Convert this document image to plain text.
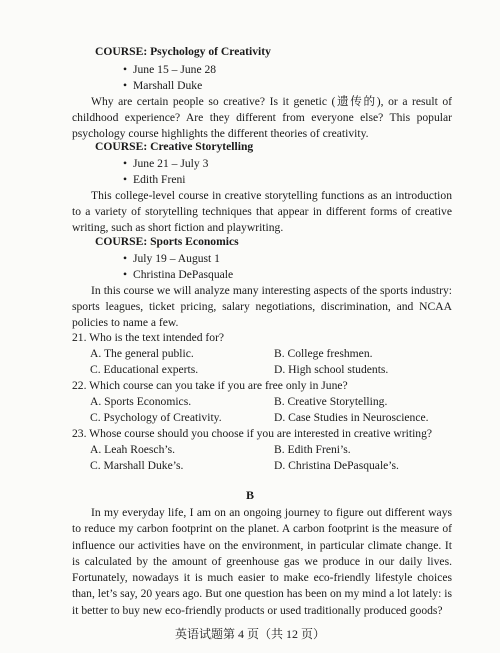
COURSE: Psychology of Creativity
• June 15 – June 28
• Marshall Duke
Why are certain people so creative? Is it genetic (遗传的), or a result of childhood experience? Are they different from everyone else? This popular psychology course highlights the different theories of creativity.
COURSE: Creative Storytelling
• June 21 – July 3
• Edith Freni
This college-level course in creative storytelling functions as an introduction to a variety of storytelling techniques that appear in different forms of creative writing, such as short fiction and playwriting.
COURSE: Sports Economics
• July 19 – August 1
• Christina DePasquale
In this course we will analyze many interesting aspects of the sports industry: sports leagues, ticket pricing, salary negotiations, discrimination, and NCAA policies to name a few.
21. Who is the text intended for?
A. The general public.	B. College freshmen.
C. Educational experts.	D. High school students.
22. Which course can you take if you are free only in June?
A. Sports Economics.	B. Creative Storytelling.
C. Psychology of Creativity.	D. Case Studies in Neuroscience.
23. Whose course should you choose if you are interested in creative writing?
A. Leah Roesch’s.	B. Edith Freni’s.
C. Marshall Duke’s.	D. Christina DePasquale’s.
B
In my everyday life, I am on an ongoing journey to figure out different ways to reduce my carbon footprint on the planet. A carbon footprint is the measure of influence our activities have on the environment, in particular climate change. It is calculated by the amount of greenhouse gas we produce in our daily lives. Fortunately, nowadays it is much easier to make eco-friendly lifestyle choices than, let’s say, 20 years ago. But one question has been on my mind a lot lately: is it better to buy new eco-friendly products or used traditionally produced goods?
英语试题第 4 页（共 12 页）
